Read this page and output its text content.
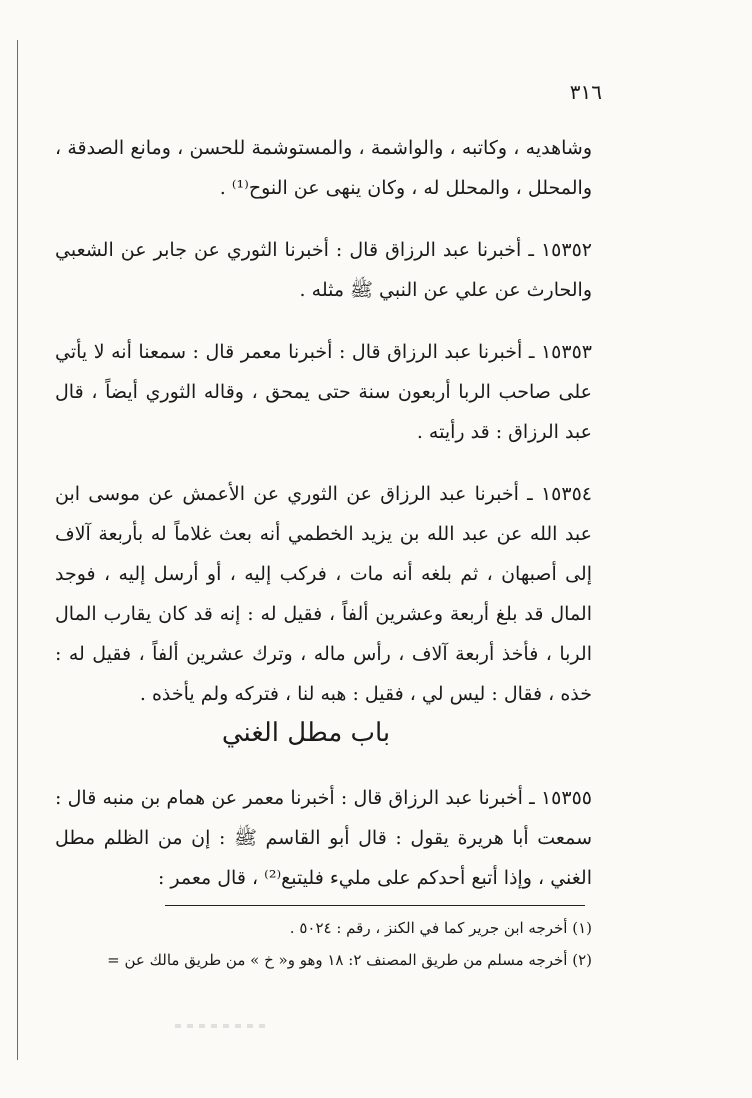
٣١٦

وشاهديه ، وكاتبه ، والواشمة ، والمستوشمة للحسن ، ومانع الصدقة ، والمحلل ، والمحلل له ، وكان ينهى عن النوح⁽¹⁾ .

١٥٣٥٢ ـ أخبرنا عبد الرزاق قال : أخبرنا الثوري عن جابر عن الشعبي والحارث عن علي عن النبي ﷺ مثله .

١٥٣٥٣ ـ أخبرنا عبد الرزاق قال : أخبرنا معمر قال : سمعنا أنه لا يأتي على صاحب الربا أربعون سنة حتى يمحق ، وقاله الثوري أيضاً ، قال عبد الرزاق : قد رأيته .

١٥٣٥٤ ـ أخبرنا عبد الرزاق عن الثوري عن الأعمش عن موسى ابن عبد الله عن عبد الله بن يزيد الخطمي أنه بعث غلاماً له بأربعة آلاف إلى أصبهان ، ثم بلغه أنه مات ، فركب إليه ، أو أرسل إليه ، فوجد المال قد بلغ أربعة وعشرين ألفاً ، فقيل له : إنه قد كان يقارب المال الربا ، فأخذ أربعة آلاف ، رأس ماله ، وترك عشرين ألفاً ، فقيل له : خذه ، فقال : ليس لي ، فقيل : هبه لنا ، فتركه ولم يأخذه .

باب مطل الغني

١٥٣٥٥ ـ أخبرنا عبد الرزاق قال : أخبرنا معمر عن همام بن منبه قال : سمعت أبا هريرة يقول : قال أبو القاسم ﷺ : إن من الظلم مطل الغني ، وإذا أتبع أحدكم على مليء فليتبع⁽²⁾ ، قال معمر :

(١) أخرجه ابن جرير كما في الكنز ، رقم : ٥٠٢٤ .
(٢) أخرجه مسلم من طريق المصنف ٢: ١٨ وهو و« خ » من طريق مالك عن =
